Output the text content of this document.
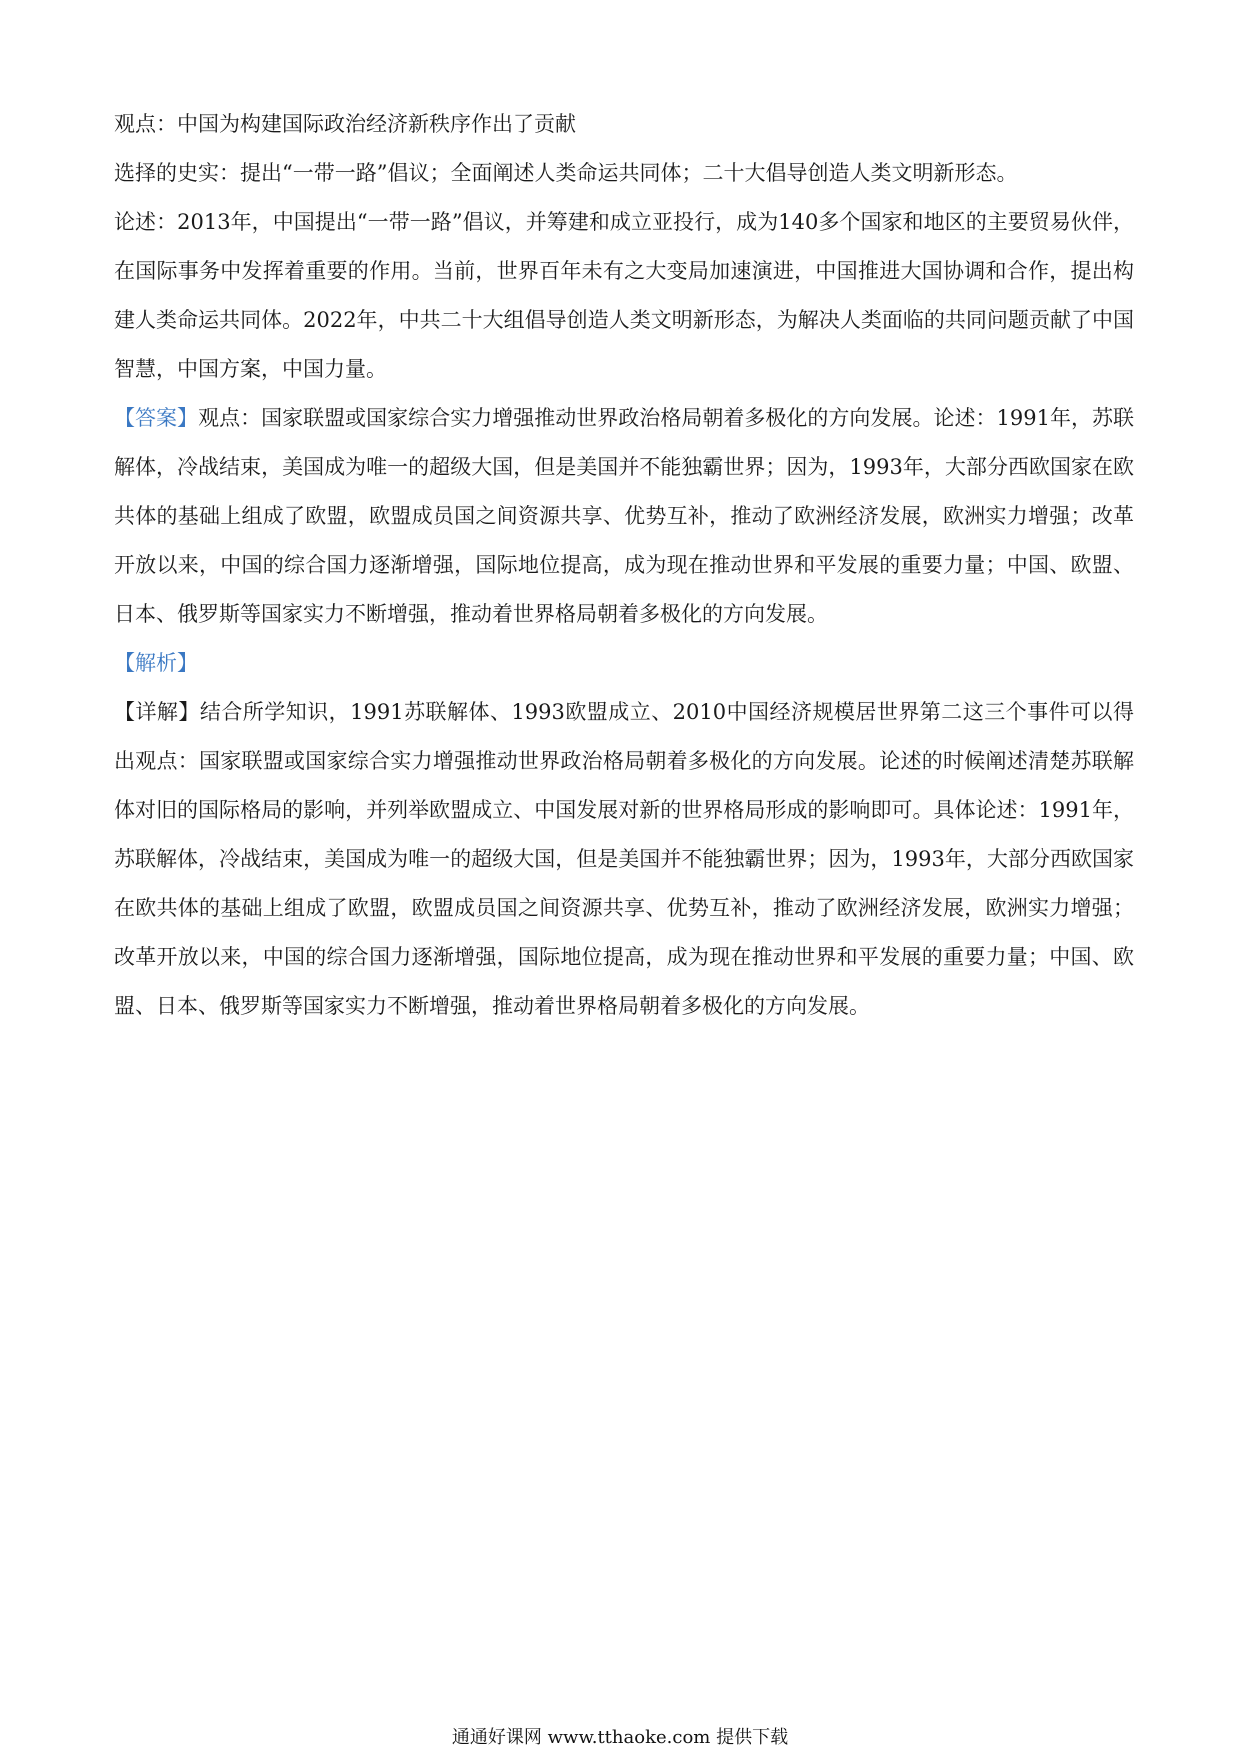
观点：中国为构建国际政治经济新秩序作出了贡献

选择的史实：提出“一带一路”倡议；全面阐述人类命运共同体；二十大倡导创造人类文明新形态。

论述：2013年，中国提出“一带一路”倡议，并筹建和成立亚投行，成为140多个国家和地区的主要贸易伙伴，在国际事务中发挥着重要的作用。当前，世界百年未有之大变局加速演进，中国推进大国协调和合作，提出构建人类命运共同体。2022年，中共二十大组倡导创造人类文明新形态，为解决人类面临的共同问题贡献了中国智慧，中国方案，中国力量。

【答案】观点：国家联盟或国家综合实力增强推动世界政治格局朝着多极化的方向发展。论述：1991年，苏联解体，冷战结束，美国成为唯一的超级大国，但是美国并不能独霸世界；因为，1993年，大部分西欧国家在欧共体的基础上组成了欧盟，欧盟成员国之间资源共享、优势互补，推动了欧洲经济发展，欧洲实力增强；改革开放以来，中国的综合国力逐渐增强，国际地位提高，成为现在推动世界和平发展的重要力量；中国、欧盟、日本、俄罗斯等国家实力不断增强，推动着世界格局朝着多极化的方向发展。

【解析】

【详解】结合所学知识，1991苏联解体、1993欧盟成立、2010中国经济规模居世界第二这三个事件可以得出观点：国家联盟或国家综合实力增强推动世界政治格局朝着多极化的方向发展。论述的时候阐述清楚苏联解体对旧的国际格局的影响，并列举欧盟成立、中国发展对新的世界格局形成的影响即可。具体论述：1991年，苏联解体，冷战结束，美国成为唯一的超级大国，但是美国并不能独霸世界；因为，1993年，大部分西欧国家在欧共体的基础上组成了欧盟，欧盟成员国之间资源共享、优势互补，推动了欧洲经济发展，欧洲实力增强；改革开放以来，中国的综合国力逐渐增强，国际地位提高，成为现在推动世界和平发展的重要力量；中国、欧盟、日本、俄罗斯等国家实力不断增强，推动着世界格局朝着多极化的方向发展。

通通好课网 www.tthaoke.com 提供下载
